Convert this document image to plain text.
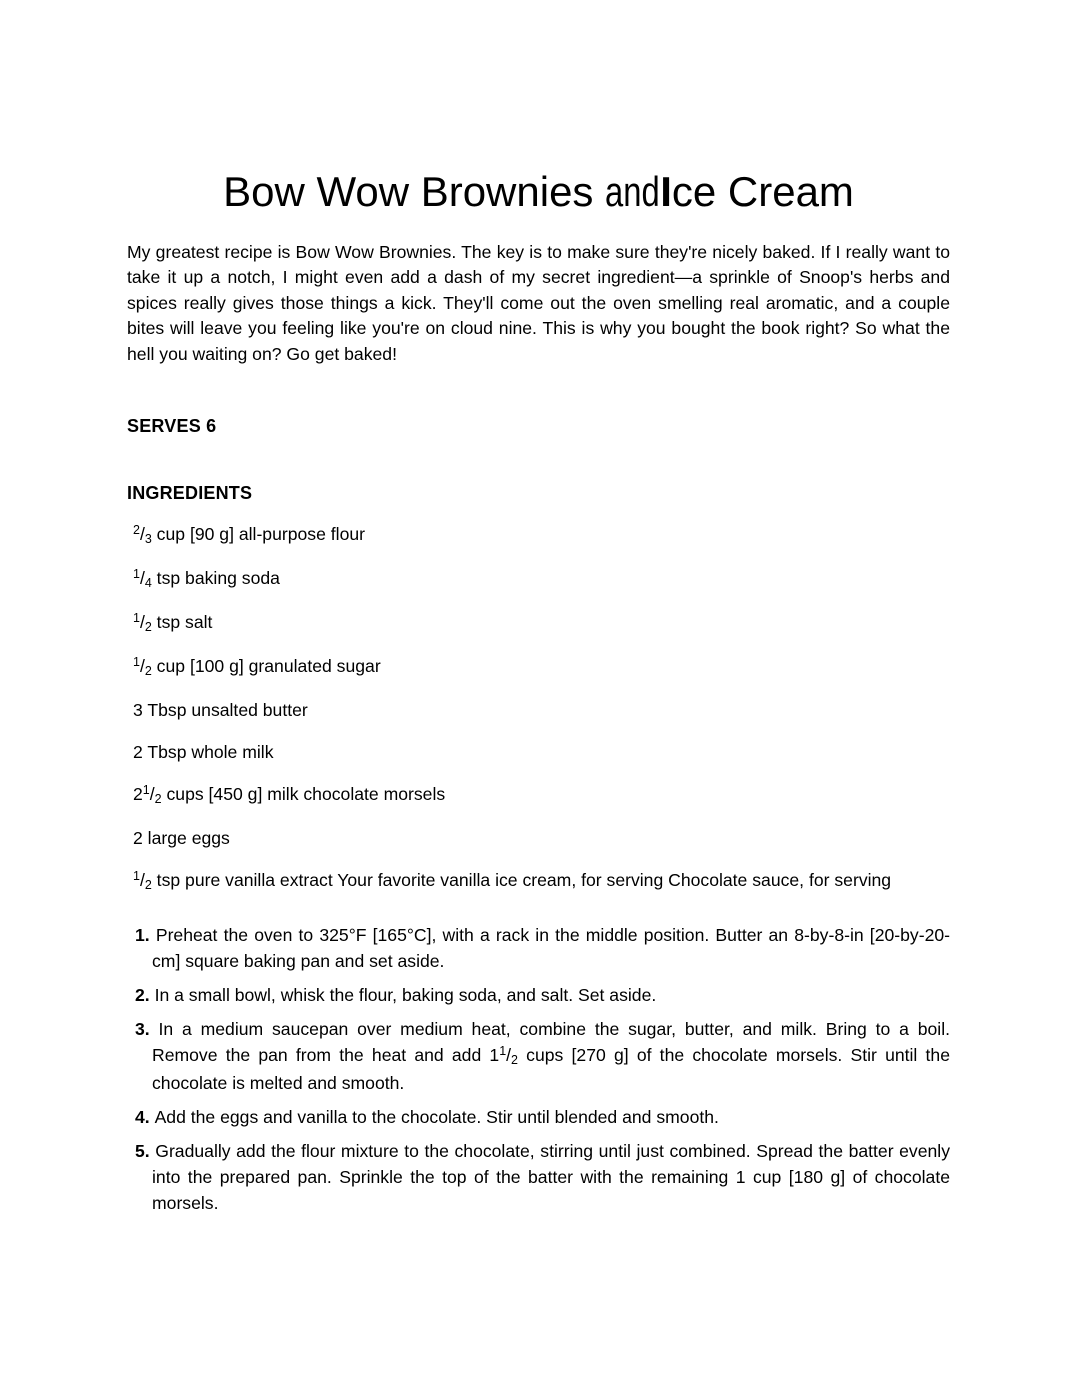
Bow Wow Brownies andIce Cream

My greatest recipe is Bow Wow Brownies. The key is to make sure they're nicely baked. If I really want to take it up a notch, I might even add a dash of my secret ingredient—a sprinkle of Snoop's herbs and spices really gives those things a kick. They'll come out the oven smelling real aromatic, and a couple bites will leave you feeling like you're on cloud nine. This is why you bought the book right? So what the hell you waiting on? Go get baked!

SERVES 6

INGREDIENTS

$^2$/3 cup [90 g] all-purpose flour
$^1$/4 tsp baking soda
$^1$/2 tsp salt
$^1$/2 cup [100 g] granulated sugar
3 Tbsp unsalted butter
2 Tbsp whole milk
2$^1$/2 cups [450 g] milk chocolate morsels
2 large eggs
$^1$/2 tsp pure vanilla extract Your favorite vanilla ice cream, for serving Chocolate sauce, for serving
1. Preheat the oven to 325°F [165°C], with a rack in the middle position. Butter an 8-by-8-in [20-by-20-cm] square baking pan and set aside.
2. In a small bowl, whisk the flour, baking soda, and salt. Set aside.
3. In a medium saucepan over medium heat, combine the sugar, butter, and milk. Bring to a boil. Remove the pan from the heat and add 1$^1$/2 cups [270 g] of the chocolate morsels. Stir until the chocolate is melted and smooth.
4. Add the eggs and vanilla to the chocolate. Stir until blended and smooth.
5. Gradually add the flour mixture to the chocolate, stirring until just combined. Spread the batter evenly into the prepared pan. Sprinkle the top of the batter with the remaining 1 cup [180 g] of chocolate morsels.
